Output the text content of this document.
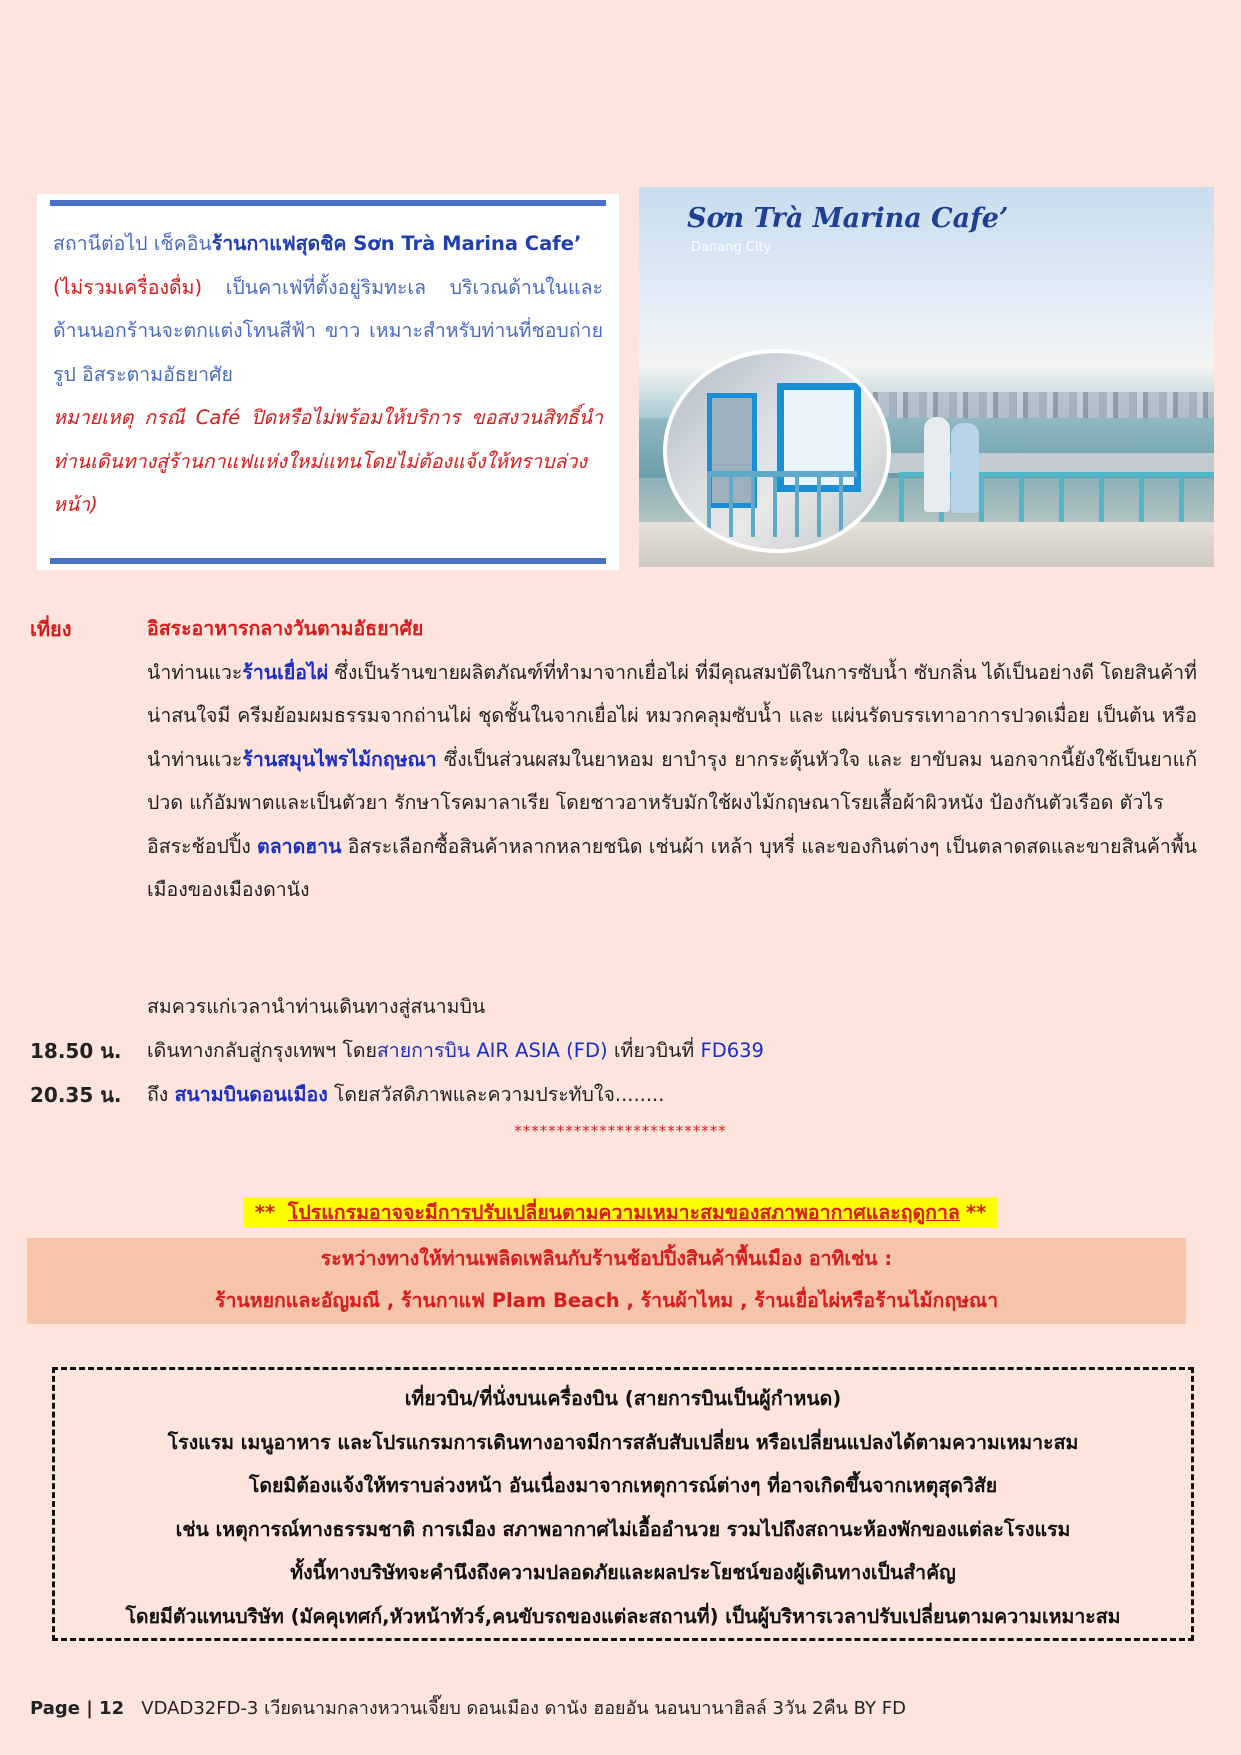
สถานีต่อไป เช็คอินร้านกาแฟสุดชิค Sơn Trà Marina Cafe’
(ไม่รวมเครื่องดื่ม) เป็นคาเฟ่ที่ตั้งอยู่ริมทะเล บริเวณด้านในและด้านนอกร้านจะตกแต่งโทนสีฟ้า ขาว เหมาะสำหรับท่านที่ชอบถ่ายรูป อิสระตามอัธยาศัย
หมายเหตุ กรณี Café ปิดหรือไม่พร้อมให้บริการ ขอสงวนสิทธิ์นำท่านเดินทางสู่ร้านกาแฟแห่งใหม่แทนโดยไม่ต้องแจ้งให้ทราบล่วงหน้า)
Sơn Trà Marina Cafe’
Danang City
เที่ยง	อิสระอาหารกลางวันตามอัธยาศัย
นำท่านแวะร้านเยื่อไผ่ ซึ่งเป็นร้านขายผลิตภัณฑ์ที่ทำมาจากเยื่อไผ่ ที่มีคุณสมบัติในการซับน้ำ ซับกลิ่น ได้เป็นอย่างดี โดยสินค้าที่น่าสนใจมี ครีมย้อมผมธรรมจากถ่านไผ่ ชุดชั้นในจากเยื่อไผ่ หมวกคลุมซับน้ำ และ แผ่นรัดบรรเทาอาการปวดเมื่อย เป็นต้น หรือ นำท่านแวะร้านสมุนไพรไม้กฤษณา ซึ่งเป็นส่วนผสมในยาหอม ยาบำรุง ยากระตุ้นหัวใจ และ ยาขับลม นอกจากนี้ยังใช้เป็นยาแก้ปวด แก้อัมพาตและเป็นตัวยา รักษาโรคมาลาเรีย โดยชาวอาหรับมักใช้ผงไม้กฤษณาโรยเสื้อผ้าผิวหนัง ป้องกันตัวเรือด ตัวไร
อิสระช้อปปิ้ง ตลาดฮาน อิสระเลือกซื้อสินค้าหลากหลายชนิด เช่นผ้า เหล้า บุหรี่ และของกินต่างๆ เป็นตลาดสดและขายสินค้าพื้นเมืองของเมืองดานัง
สมควรแก่เวลานำท่านเดินทางสู่สนามบิน
18.50 น. เดินทางกลับสู่กรุงเทพฯ โดยสายการบิน AIR ASIA (FD) เที่ยวบินที่ FD639
20.35 น. ถึง สนามบินดอนเมือง โดยสวัสดิภาพและความประทับใจ........
*************************
** โปรแกรมอาจจะมีการปรับเปลี่ยนตามความเหมาะสมของสภาพอากาศและฤดูกาล **
ระหว่างทางให้ท่านเพลิดเพลินกับร้านช้อปปิ้งสินค้าพื้นเมือง อาทิเช่น :
ร้านหยกและอัญมณี , ร้านกาแฟ Plam Beach , ร้านผ้าไหม , ร้านเยื่อไผ่หรือร้านไม้กฤษณา
เที่ยวบิน/ที่นั่งบนเครื่องบิน (สายการบินเป็นผู้กำหนด)
โรงแรม เมนูอาหาร และโปรแกรมการเดินทางอาจมีการสลับสับเปลี่ยน หรือเปลี่ยนแปลงได้ตามความเหมาะสม
โดยมิต้องแจ้งให้ทราบล่วงหน้า อันเนื่องมาจากเหตุการณ์ต่างๆ ที่อาจเกิดขึ้นจากเหตุสุดวิสัย
เช่น เหตุการณ์ทางธรรมชาติ การเมือง สภาพอากาศไม่เอื้ออำนวย รวมไปถึงสถานะห้องพักของแต่ละโรงแรม
ทั้งนี้ทางบริษัทจะคำนึงถึงความปลอดภัยและผลประโยชน์ของผู้เดินทางเป็นสำคัญ
โดยมีตัวแทนบริษัท (มัคคุเทศก์,หัวหน้าทัวร์,คนขับรถของแต่ละสถานที่) เป็นผู้บริหารเวลาปรับเปลี่ยนตามความเหมาะสม
Page | 12 VDAD32FD-3 เวียดนามกลางหวานเจี๊ยบ ดอนเมือง ดานัง ฮอยอัน นอนบานาฮิลล์ 3วัน 2คืน BY FD
